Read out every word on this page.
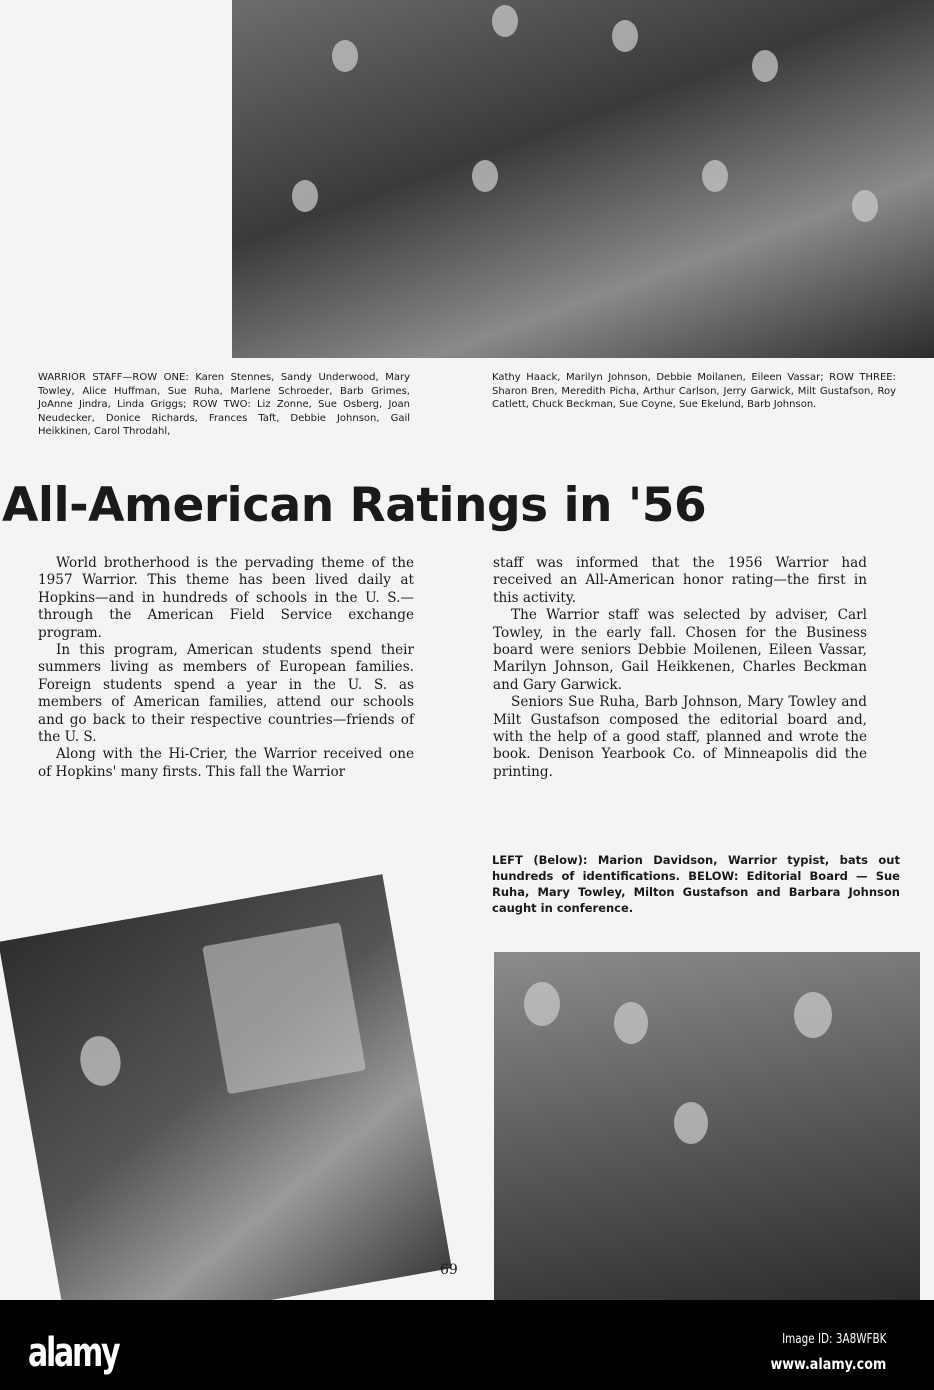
WARRIOR STAFF—ROW ONE: Karen Stennes, Sandy Underwood, Mary Towley, Alice Huffman, Sue Ruha, Marlene Schroeder, Barb Grimes, JoAnne Jindra, Linda Griggs; ROW TWO: Liz Zonne, Sue Osberg, Joan Neudecker, Donice Richards, Frances Taft, Debbie Johnson, Gail Heikkinen, Carol Throdahl,
Kathy Haack, Marilyn Johnson, Debbie Moilanen, Eileen Vassar; ROW THREE: Sharon Bren, Meredith Picha, Arthur Carlson, Jerry Garwick, Milt Gustafson, Roy Catlett, Chuck Beckman, Sue Coyne, Sue Ekelund, Barb Johnson.
All-American Ratings in '56

World brotherhood is the pervading theme of the 1957 Warrior. This theme has been lived daily at Hopkins—and in hundreds of schools in the U. S.—through the American Field Service exchange program.

In this program, American students spend their summers living as members of European families. Foreign students spend a year in the U. S. as members of American families, attend our schools and go back to their respective countries—friends of the U. S.

Along with the Hi-Crier, the Warrior received one of Hopkins' many firsts. This fall the Warrior

staff was informed that the 1956 Warrior had received an All-American honor rating—the first in this activity.

The Warrior staff was selected by adviser, Carl Towley, in the early fall. Chosen for the Business board were seniors Debbie Moilenen, Eileen Vassar, Marilyn Johnson, Gail Heikkenen, Charles Beckman and Gary Garwick.

Seniors Sue Ruha, Barb Johnson, Mary Towley and Milt Gustafson composed the editorial board and, with the help of a good staff, planned and wrote the book. Denison Yearbook Co. of Minneapolis did the printing.

LEFT (Below): Marion Davidson, Warrior typist, bats out hundreds of identifications. BELOW: Editorial Board — Sue Ruha, Mary Towley, Milton Gustafson and Barbara Johnson caught in conference.
69
alamy	Image ID: 3A8WFBK
www.alamy.com
